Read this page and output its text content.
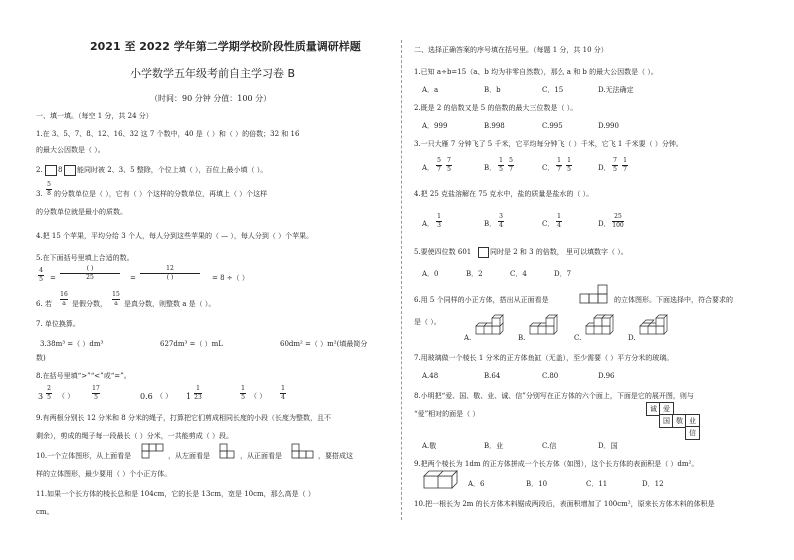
2021 至 2022 学年第二学期学校阶段性质量调研样题
小学数学五年级考前自主学习卷 B
（时间：90 分钟 分值：100 分）
一、填一填。（每空 1 分，共 24 分）
1.在 3、5、7、8、12、16、32 这 7 个数中，40 是（ ）和（ ）的倍数；32 和 16
的最大公因数是（ ）。
2. 8 能同时被 2、3、5 整除，个位上填（ ），百位上最小填（ ）。
3.
5
8 的分数单位是（ ），它有（ ）个这样的分数单位，再填上（ ）个这样
的分数单位就是最小的质数。
4.把 15 个苹果，平均分给 3 个人，每人分到这些苹果的（ — ），每人分到（ ）个苹果。
5.在下面括号里填上合适的数。
4
5 =
( )
25	=
12
( )	= 8 ÷（ ）
6. 若
16
a 是假分数，
15
a 是真分数，则整数 a 是（ ）。
7. 单位换算。
3.38m³ =（ ）dm³	627dm³ =（ ）mL	60dm² =（ ）m²(填最简分
数)
8.在括号里填“>”“<”或“=”。
3
2
5 （ ）
17
5	0.6 （ ） 1
1
23
1
5 （ ）
1
4
9.有两根分别长 12 分米和 8 分米的绳子，打算把它们剪成相同长度的小段（长度为整数，且不
剩余），剪成的绳子每一段最长（ ）分米，一共能剪成（ ）段。
10.一个立体图形，从上面看是	，从左面看是	，从正面看是	，要搭成这
样的立体图形，最少要用（ ）个小正方体。
11.如果一个长方体的棱长总和是 104cm，它的长是 13cm，宽是 10cm，那么高是（ ）
cm。
二、选择正确答案的序号填在括号里。（每题 1 分，共 10 分）
1.已知 a÷b=15（a、b 均为非零自然数），那么 a 和 b 的最大公因数是（ ）。
A．a	B．b	C．15	D.无法确定
2.既是 2 的倍数又是 5 的倍数的最大三位数是（ ）。
A．999	B.998	C.995	D.990
3.一只大雁 7 分钟飞了 5 千米，它平均每分钟飞（ ）千米，它飞 1 千米要（ ）分钟。
A．
5
7
7
5	B．
1
5
5
7	C．
1
7
1
5	D．
7
5
1
7
4.把 25 克盐溶解在 75 克水中，盐的质量是盐水的（ ）。
A．
1
3	B．
3
4	C．
1
4	D．
25
100
5.要使四位数 601	同时是 2 和 3 的倍数， 里可以填数字（ ）。
A．0	B．2	C．4	D．7
6.用 5 个同样的小正方体，搭出从正面看是	的立体图形。下面选择中，符合要求的
是（ ）。
A.	B.	C.	D.
7.用玻璃做一个棱长 1 分米的正方体鱼缸（无盖），至少需要（ ）平方分米的玻璃。
A.48	B.64	C.80	D.96
8.小明把“爱、国、敬、业、诚、信”分别写在正方体的六个面上，下面是它的展开图，则与
“爱”相对的面是（ ）
诚 爱
国 敬 业
信
A.敬	B．业	C.信	D．国
9.把两个棱长为 1dm 的正方体拼成一个长方体（如图），这个长方体的表面积是（ ）dm²。
A．6	B．10	C．11	D．12
10.把一根长为 2m 的长方体木料锯成两段后，表面积增加了 100cm²，原来长方体木料的体积是
